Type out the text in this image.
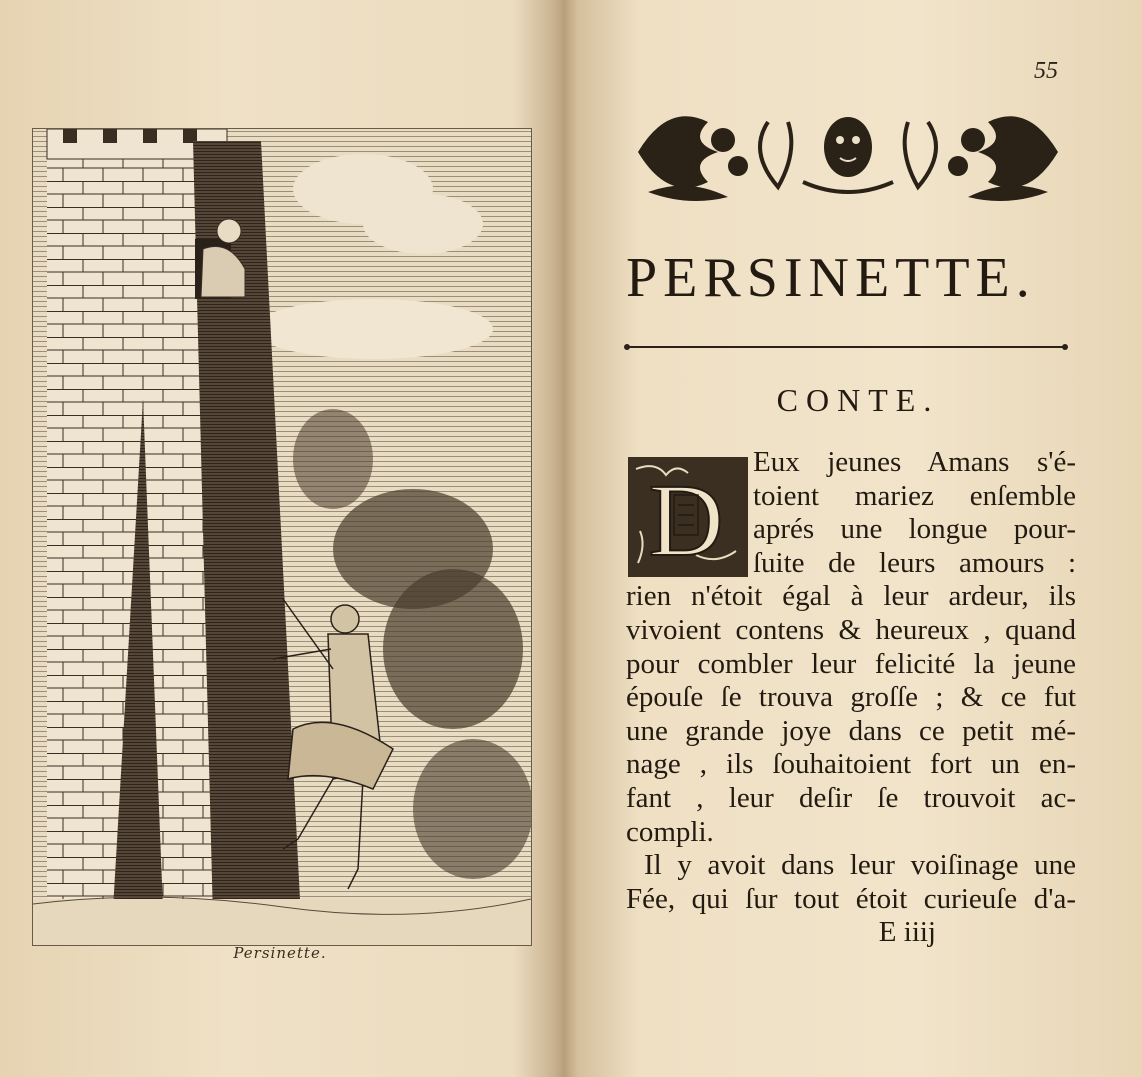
Persinette.
55
PERSINETTE.
CONTE.
D
Eux jeunes Amans s'é-
toient mariez enſemble
aprés une longue pour-
ſuite de leurs amours :
rien n'étoit égal à leur ardeur, ils
vivoient contens & heureux , quand
pour combler leur felicité la jeune
épouſe ſe trouva groſſe ; & ce fut
une grande joye dans ce petit mé-
nage , ils ſouhaitoient fort un en-
fant , leur deſir ſe trouvoit ac-
compli.
Il y avoit dans leur voiſinage une
Fée, qui ſur tout étoit curieuſe d'a-
E iiij
